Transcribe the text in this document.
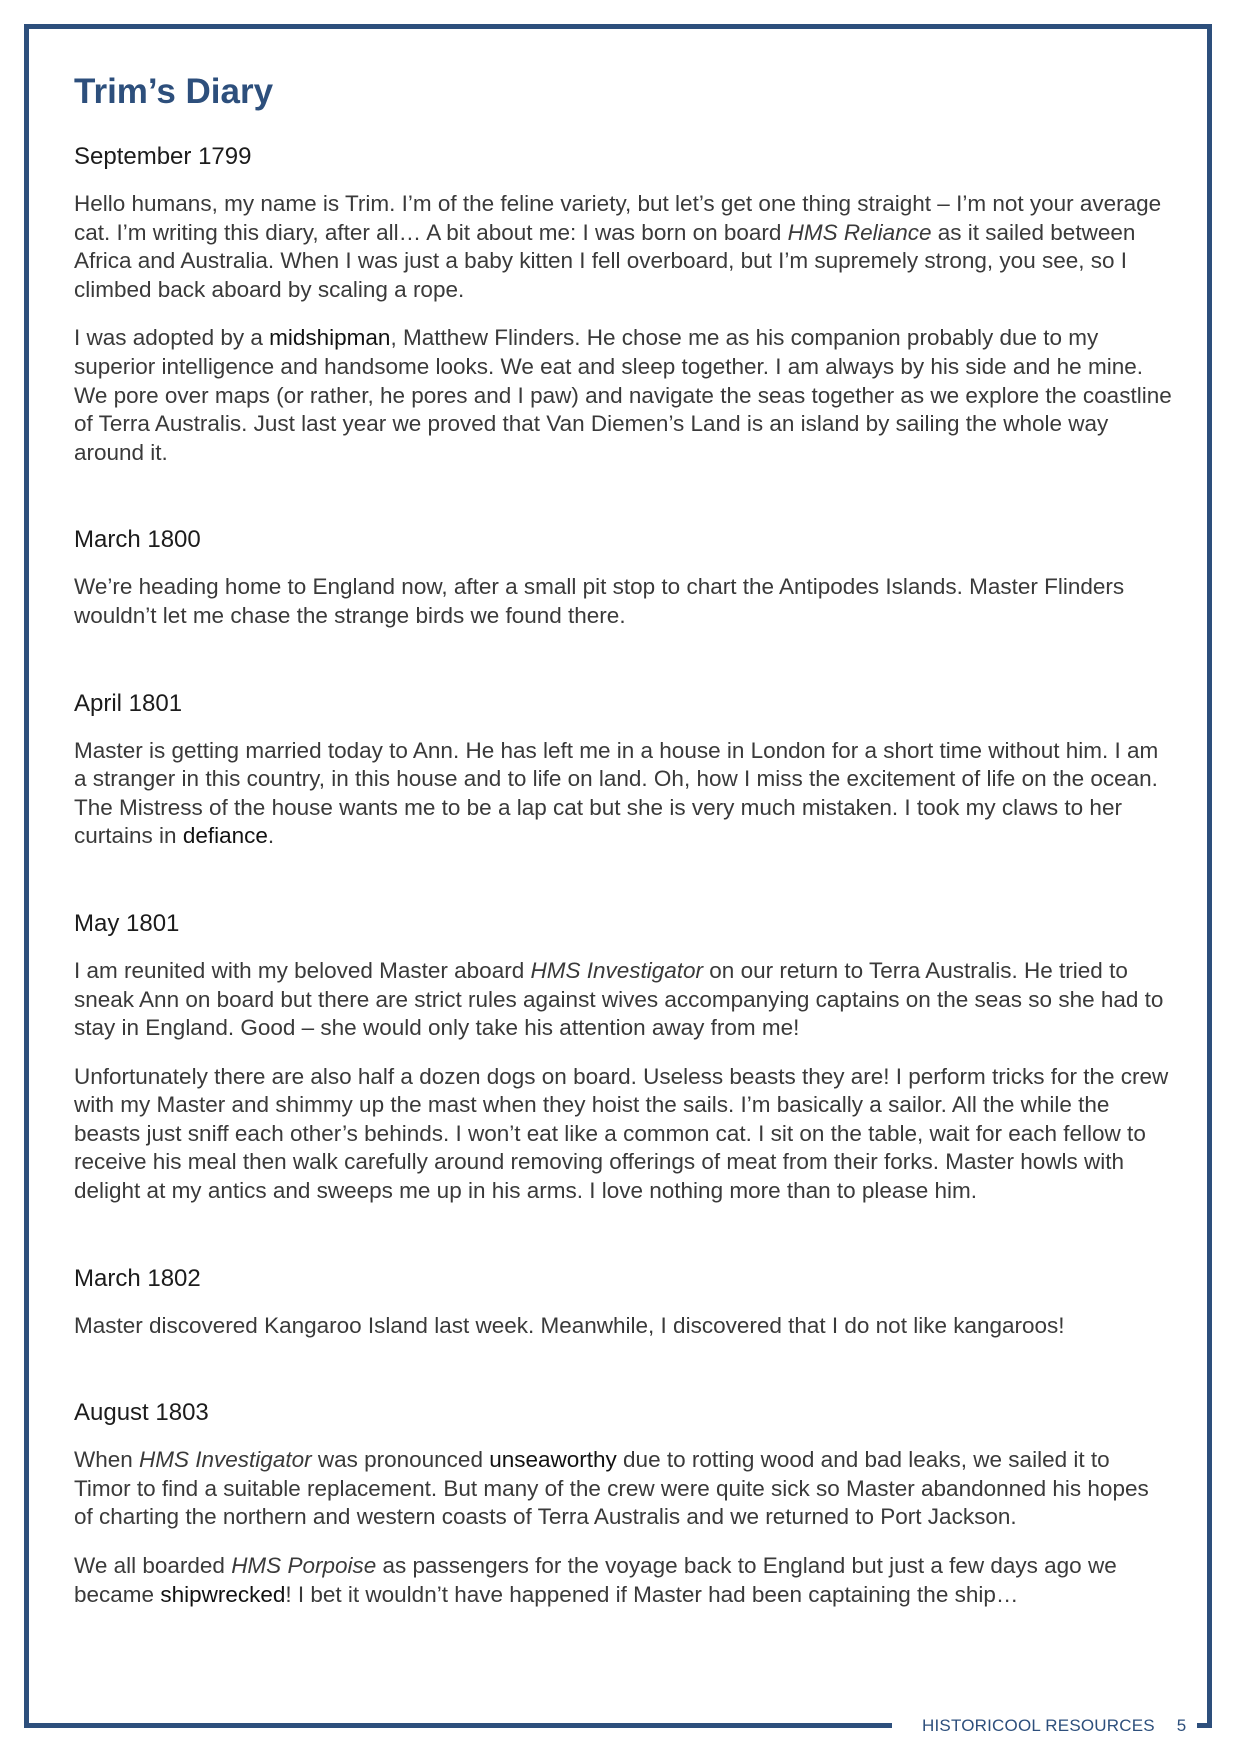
Trim’s Diary
September 1799

Hello humans, my name is Trim. I’m of the feline variety, but let’s get one thing straight – I’m not your average cat. I’m writing this diary, after all… A bit about me: I was born on board HMS Reliance as it sailed between Africa and Australia. When I was just a baby kitten I fell overboard, but I’m supremely strong, you see, so I climbed back aboard by scaling a rope.

I was adopted by a midshipman, Matthew Flinders. He chose me as his companion probably due to my superior intelligence and handsome looks. We eat and sleep together. I am always by his side and he mine. We pore over maps (or rather, he pores and I paw) and navigate the seas together as we explore the coastline of Terra Australis. Just last year we proved that Van Diemen’s Land is an island by sailing the whole way around it.

March 1800

We’re heading home to England now, after a small pit stop to chart the Antipodes Islands. Master Flinders wouldn’t let me chase the strange birds we found there.

April 1801

Master is getting married today to Ann. He has left me in a house in London for a short time without him. I am a stranger in this country, in this house and to life on land. Oh, how I miss the excitement of life on the ocean. The Mistress of the house wants me to be a lap cat but she is very much mistaken. I took my claws to her curtains in defiance.

May 1801

I am reunited with my beloved Master aboard HMS Investigator on our return to Terra Australis. He tried to sneak Ann on board but there are strict rules against wives accompanying captains on the seas so she had to stay in England. Good – she would only take his attention away from me!

Unfortunately there are also half a dozen dogs on board. Useless beasts they are! I perform tricks for the crew with my Master and shimmy up the mast when they hoist the sails. I’m basically a sailor. All the while the beasts just sniff each other’s behinds. I won’t eat like a common cat. I sit on the table, wait for each fellow to receive his meal then walk carefully around removing offerings of meat from their forks. Master howls with delight at my antics and sweeps me up in his arms. I love nothing more than to please him.

March 1802

Master discovered Kangaroo Island last week. Meanwhile, I discovered that I do not like kangaroos!

August 1803

When HMS Investigator was pronounced unseaworthy due to rotting wood and bad leaks, we sailed it to Timor to find a suitable replacement. But many of the crew were quite sick so Master abandonned his hopes of charting the northern and western coasts of Terra Australis and we returned to Port Jackson.

We all boarded HMS Porpoise as passengers for the voyage back to England but just a few days ago we became shipwrecked! I bet it wouldn’t have happened if Master had been captaining the ship…

HISTORICOOL RESOURCES 5
